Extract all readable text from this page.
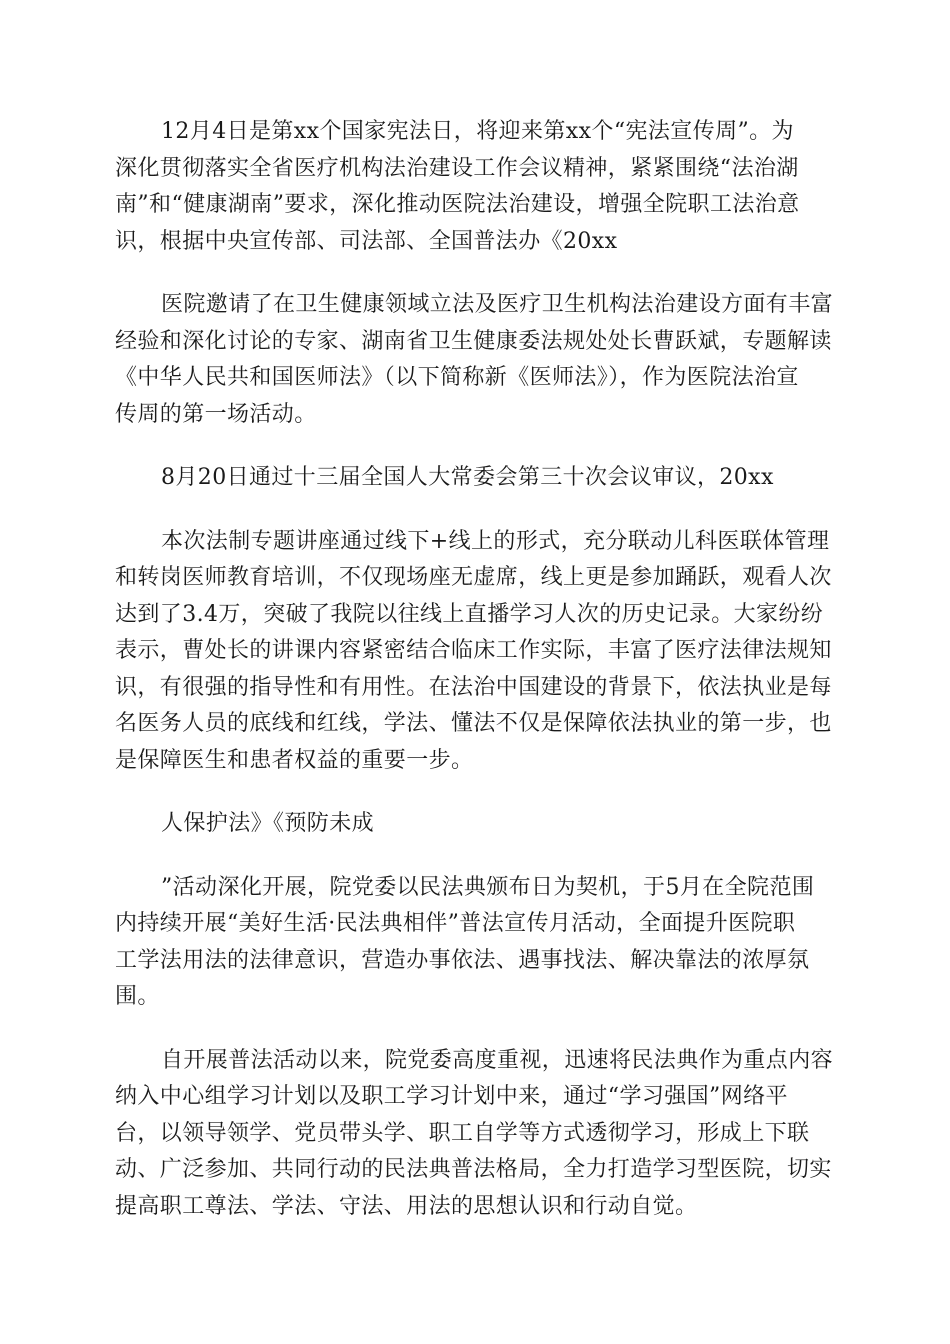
12月4日是第xx个国家宪法日，将迎来第xx个“宪法宣传周”。为
深化贯彻落实全省医疗机构法治建设工作会议精神，紧紧围绕“法治湖
南”和“健康湖南”要求，深化推动医院法治建设，增强全院职工法治意
识，根据中央宣传部、司法部、全国普法办《20xx
医院邀请了在卫生健康领域立法及医疗卫生机构法治建设方面有丰富
经验和深化讨论的专家、湖南省卫生健康委法规处处长曹跃斌，专题解读
《中华人民共和国医师法》（以下简称新《医师法》），作为医院法治宣
传周的第一场活动。
8月20日通过十三届全国人大常委会第三十次会议审议，20xx
本次法制专题讲座通过线下+线上的形式，充分联动儿科医联体管理
和转岗医师教育培训，不仅现场座无虚席，线上更是参加踊跃，观看人次
达到了3.4万，突破了我院以往线上直播学习人次的历史记录。大家纷纷
表示，曹处长的讲课内容紧密结合临床工作实际，丰富了医疗法律法规知
识，有很强的指导性和有用性。在法治中国建设的背景下，依法执业是每
名医务人员的底线和红线，学法、懂法不仅是保障依法执业的第一步，也
是保障医生和患者权益的重要一步。
人保护法》《预防未成
”活动深化开展，院党委以民法典颁布日为契机，于5月在全院范围
内持续开展“美好生活·民法典相伴”普法宣传月活动，全面提升医院职
工学法用法的法律意识，营造办事依法、遇事找法、解决靠法的浓厚氛
围。
自开展普法活动以来，院党委高度重视，迅速将民法典作为重点内容
纳入中心组学习计划以及职工学习计划中来，通过“学习强国”网络平
台，以领导领学、党员带头学、职工自学等方式透彻学习，形成上下联
动、广泛参加、共同行动的民法典普法格局，全力打造学习型医院，切实
提高职工尊法、学法、守法、用法的思想认识和行动自觉。
